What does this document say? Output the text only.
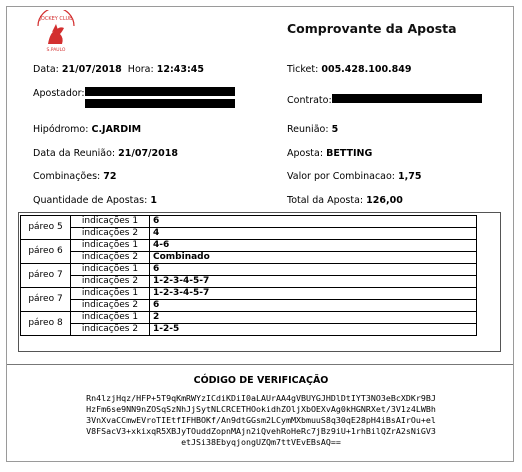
JOCKEY CLUB
S.PAULO
Comprovante da Aposta
Data: 21/07/2018 Hora: 12:43:45
Apostador:
Hipódromo: C.JARDIM
Data da Reunião: 21/07/2018
Combinações: 72
Quantidade de Apostas: 1
Ticket: 005.428.100.849
Contrato:
Reunião: 5
Aposta: BETTING
Valor por Combinacao: 1,75
Total da Aposta: 126,00
páreo 5	indicações 1	6
	indicações 2	4
páreo 6	indicações 1	4-6
	indicações 2	Combinado
páreo 7	indicações 1	6
	indicações 2	1-2-3-4-5-7
páreo 7	indicações 1	1-2-3-4-5-7
	indicações 2	6
páreo 8	indicações 1	2
	indicações 2	1-2-5
CÓDIGO DE VERIFICAÇÃO
Rn4lzjHqz/HFP+5T9qKmRWYzICdiKDiI0aLAUrAA4gVBUYGJHDlDtIYT3NO3eBcXDKr9BJ
HzFm6se9NN9nZOSqSzNhJjSytNLCRCETHOokidhZOljXbOEXvAg0kHGNRXet/3V1z4LWBh
3VnXvaCCmwEVroTIEtfIFHBOKf/An9dtGGsm2LCymMXbmuuS8q30qE28pH4iBsAIrOu+el
V8FSacV3+xkixqR5XBJyTOuddZopnMAjn2iQvehRoHeRc7jBz9iU+1rhBilQZrA2sNiGV3
etJSi38EbyqjongUZQm7ttVEvEBsAQ==
